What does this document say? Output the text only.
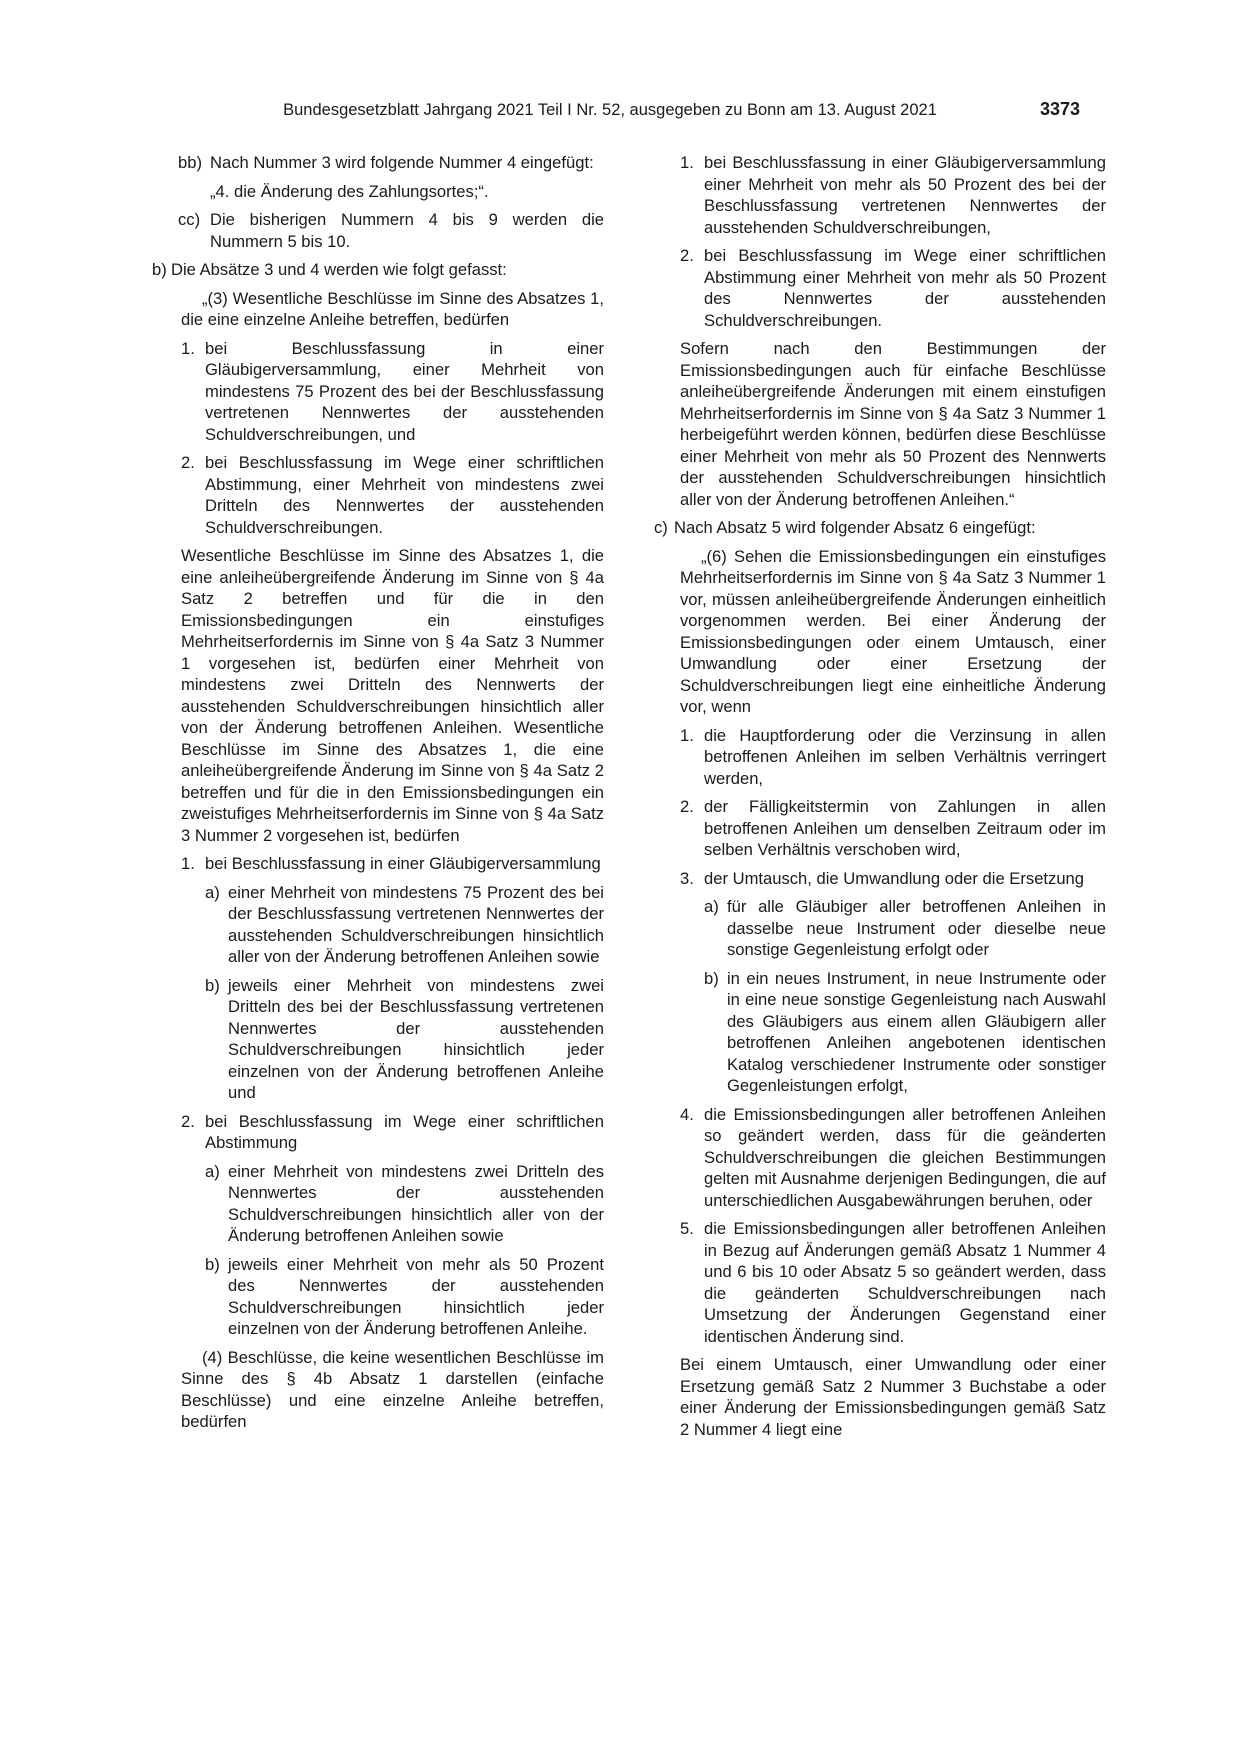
Bundesgesetzblatt Jahrgang 2021 Teil I Nr. 52, ausgegeben zu Bonn am 13. August 2021	3373
bb) Nach Nummer 3 wird folgende Nummer 4 eingefügt:
„4. die Änderung des Zahlungsortes;“.
cc) Die bisherigen Nummern 4 bis 9 werden die Nummern 5 bis 10.
b) Die Absätze 3 und 4 werden wie folgt gefasst:
„(3) Wesentliche Beschlüsse im Sinne des Absatzes 1, die eine einzelne Anleihe betreffen, bedürfen
1. bei Beschlussfassung in einer Gläubigerversammlung, einer Mehrheit von mindestens 75 Prozent des bei der Beschlussfassung vertretenen Nennwertes der ausstehenden Schuldverschreibungen, und
2. bei Beschlussfassung im Wege einer schriftlichen Abstimmung, einer Mehrheit von mindestens zwei Dritteln des Nennwertes der ausstehenden Schuldverschreibungen.
Wesentliche Beschlüsse im Sinne des Absatzes 1, die eine anleiheübergreifende Änderung im Sinne von § 4a Satz 2 betreffen und für die in den Emissionsbedingungen ein einstufiges Mehrheitserfordernis im Sinne von § 4a Satz 3 Nummer 1 vorgesehen ist, bedürfen einer Mehrheit von mindestens zwei Dritteln des Nennwerts der ausstehenden Schuldverschreibungen hinsichtlich aller von der Änderung betroffenen Anleihen. Wesentliche Beschlüsse im Sinne des Absatzes 1, die eine anleiheübergreifende Änderung im Sinne von § 4a Satz 2 betreffen und für die in den Emissionsbedingungen ein zweistufiges Mehrheitserfordernis im Sinne von § 4a Satz 3 Nummer 2 vorgesehen ist, bedürfen
1. bei Beschlussfassung in einer Gläubigerversammlung
a) einer Mehrheit von mindestens 75 Prozent des bei der Beschlussfassung vertretenen Nennwertes der ausstehenden Schuldverschreibungen hinsichtlich aller von der Änderung betroffenen Anleihen sowie
b) jeweils einer Mehrheit von mindestens zwei Dritteln des bei der Beschlussfassung vertretenen Nennwertes der ausstehenden Schuldverschreibungen hinsichtlich jeder einzelnen von der Änderung betroffenen Anleihe und
2. bei Beschlussfassung im Wege einer schriftlichen Abstimmung
a) einer Mehrheit von mindestens zwei Dritteln des Nennwertes der ausstehenden Schuldverschreibungen hinsichtlich aller von der Änderung betroffenen Anleihen sowie
b) jeweils einer Mehrheit von mehr als 50 Prozent des Nennwertes der ausstehenden Schuldverschreibungen hinsichtlich jeder einzelnen von der Änderung betroffenen Anleihe.
(4) Beschlüsse, die keine wesentlichen Beschlüsse im Sinne des § 4b Absatz 1 darstellen (einfache Beschlüsse) und eine einzelne Anleihe betreffen, bedürfen
1. bei Beschlussfassung in einer Gläubigerversammlung einer Mehrheit von mehr als 50 Prozent des bei der Beschlussfassung vertretenen Nennwertes der ausstehenden Schuldverschreibungen,
2. bei Beschlussfassung im Wege einer schriftlichen Abstimmung einer Mehrheit von mehr als 50 Prozent des Nennwertes der ausstehenden Schuldverschreibungen.
Sofern nach den Bestimmungen der Emissionsbedingungen auch für einfache Beschlüsse anleiheübergreifende Änderungen mit einem einstufigen Mehrheitserfordernis im Sinne von § 4a Satz 3 Nummer 1 herbeigeführt werden können, bedürfen diese Beschlüsse einer Mehrheit von mehr als 50 Prozent des Nennwerts der ausstehenden Schuldverschreibungen hinsichtlich aller von der Änderung betroffenen Anleihen.“
c) Nach Absatz 5 wird folgender Absatz 6 eingefügt:
„(6) Sehen die Emissionsbedingungen ein einstufiges Mehrheitserfordernis im Sinne von § 4a Satz 3 Nummer 1 vor, müssen anleiheübergreifende Änderungen einheitlich vorgenommen werden. Bei einer Änderung der Emissionsbedingungen oder einem Umtausch, einer Umwandlung oder einer Ersetzung der Schuldverschreibungen liegt eine einheitliche Änderung vor, wenn
1. die Hauptforderung oder die Verzinsung in allen betroffenen Anleihen im selben Verhältnis verringert werden,
2. der Fälligkeitstermin von Zahlungen in allen betroffenen Anleihen um denselben Zeitraum oder im selben Verhältnis verschoben wird,
3. der Umtausch, die Umwandlung oder die Ersetzung
a) für alle Gläubiger aller betroffenen Anleihen in dasselbe neue Instrument oder dieselbe neue sonstige Gegenleistung erfolgt oder
b) in ein neues Instrument, in neue Instrumente oder in eine neue sonstige Gegenleistung nach Auswahl des Gläubigers aus einem allen Gläubigern aller betroffenen Anleihen angebotenen identischen Katalog verschiedener Instrumente oder sonstiger Gegenleistungen erfolgt,
4. die Emissionsbedingungen aller betroffenen Anleihen so geändert werden, dass für die geänderten Schuldverschreibungen die gleichen Bestimmungen gelten mit Ausnahme derjenigen Bedingungen, die auf unterschiedlichen Ausgabewährungen beruhen, oder
5. die Emissionsbedingungen aller betroffenen Anleihen in Bezug auf Änderungen gemäß Absatz 1 Nummer 4 und 6 bis 10 oder Absatz 5 so geändert werden, dass die geänderten Schuldverschreibungen nach Umsetzung der Änderungen Gegenstand einer identischen Änderung sind.
Bei einem Umtausch, einer Umwandlung oder einer Ersetzung gemäß Satz 2 Nummer 3 Buchstabe a oder einer Änderung der Emissionsbedingungen gemäß Satz 2 Nummer 4 liegt eine
